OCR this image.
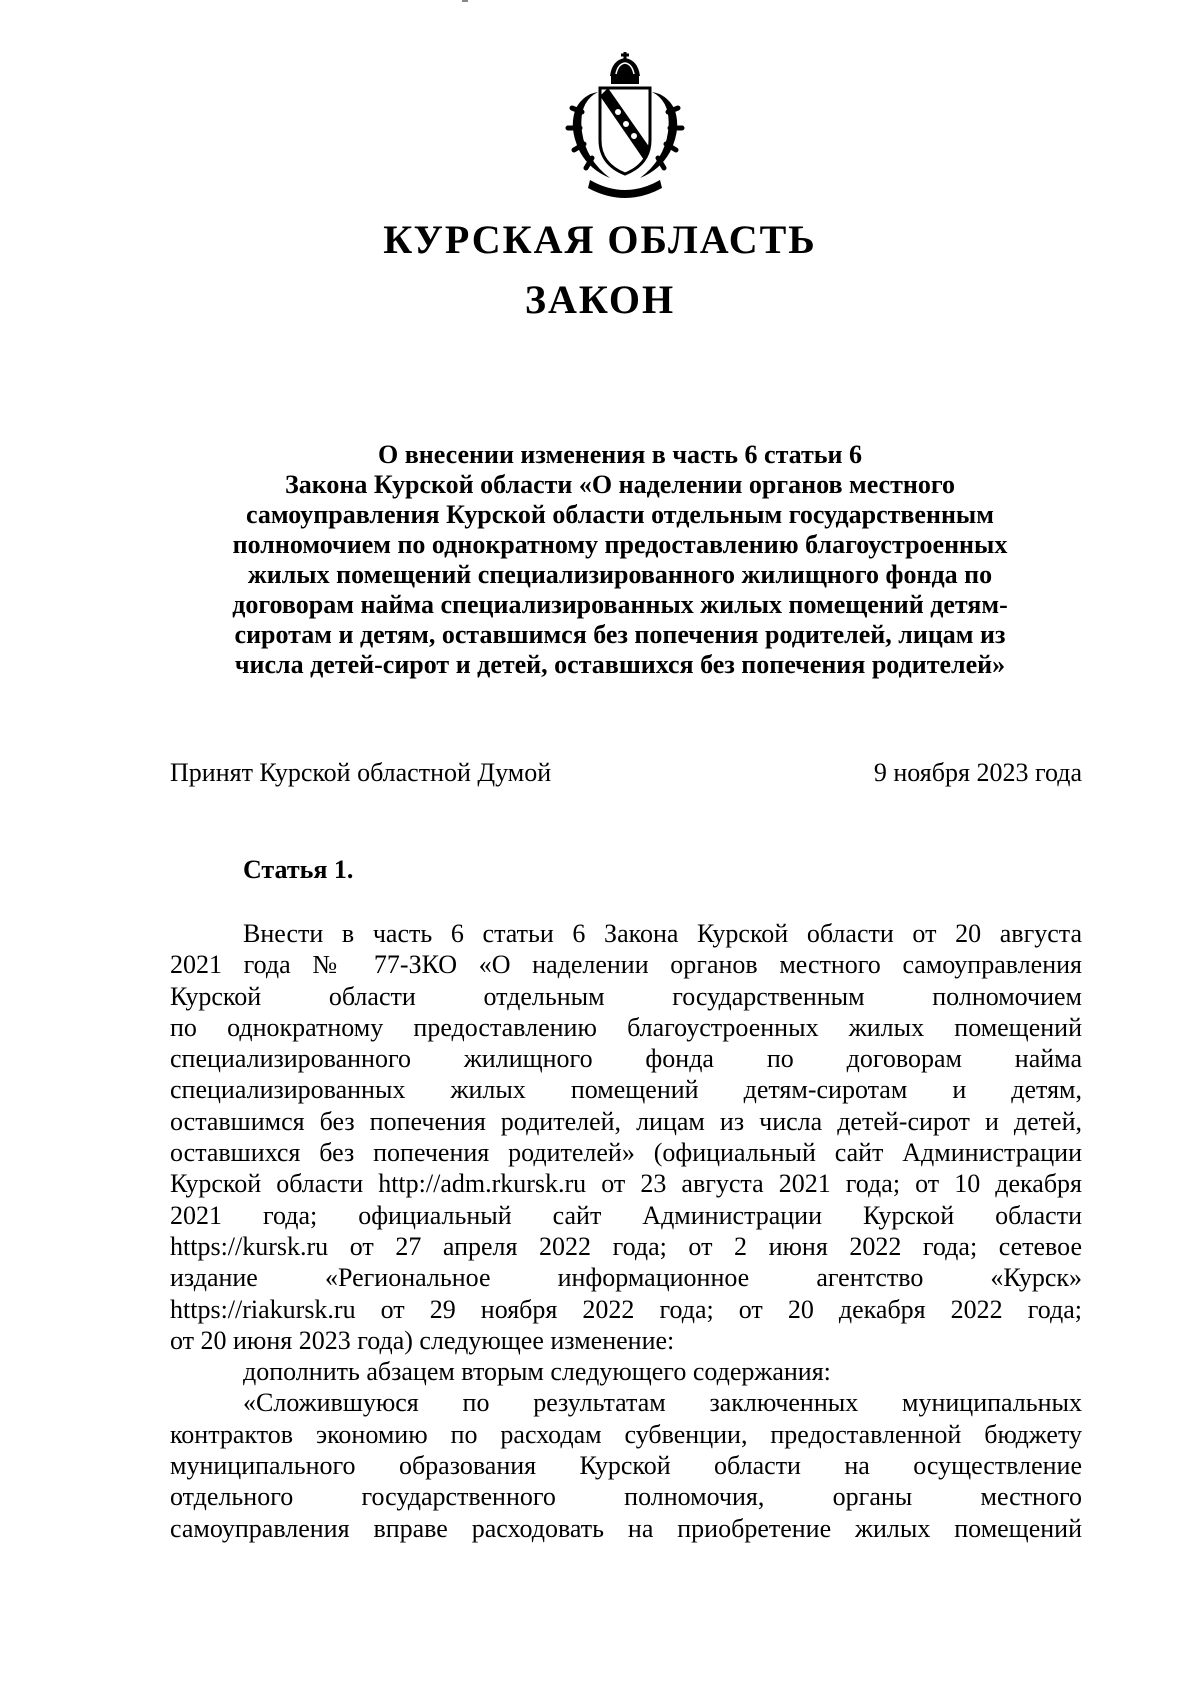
КУРСКАЯ ОБЛАСТЬ
ЗАКОН
О внесении изменения в часть 6 статьи 6
Закона Курской области «О наделении органов местного
самоуправления Курской области отдельным государственным
полномочием по однократному предоставлению благоустроенных
жилых помещений специализированного жилищного фонда по
договорам найма специализированных жилых помещений детям-
сиротам и детям, оставшимся без попечения родителей, лицам из
числа детей-сирот и детей, оставшихся без попечения родителей»
Принят Курской областной Думой	9 ноября 2023 года
Статья 1.
Внести в часть 6 статьи 6 Закона Курской области от 20 августа
2021 года № 77-ЗКО «О наделении органов местного самоуправления
Курской области отдельным государственным полномочием
по однократному предоставлению благоустроенных жилых помещений
специализированного жилищного фонда по договорам найма
специализированных жилых помещений детям-сиротам и детям,
оставшимся без попечения родителей, лицам из числа детей-сирот и детей,
оставшихся без попечения родителей» (официальный сайт Администрации
Курской области http://adm.rkursk.ru от 23 августа 2021 года; от 10 декабря
2021 года; официальный сайт Администрации Курской области
https://kursk.ru от 27 апреля 2022 года; от 2 июня 2022 года; сетевое
издание «Региональное информационное агентство «Курск»
https://riakursk.ru от 29 ноября 2022 года; от 20 декабря 2022 года;
от 20 июня 2023 года) следующее изменение:
дополнить абзацем вторым следующего содержания:
«Сложившуюся по результатам заключенных муниципальных
контрактов экономию по расходам субвенции, предоставленной бюджету
муниципального образования Курской области на осуществление
отдельного государственного полномочия, органы местного
самоуправления вправе расходовать на приобретение жилых помещений
